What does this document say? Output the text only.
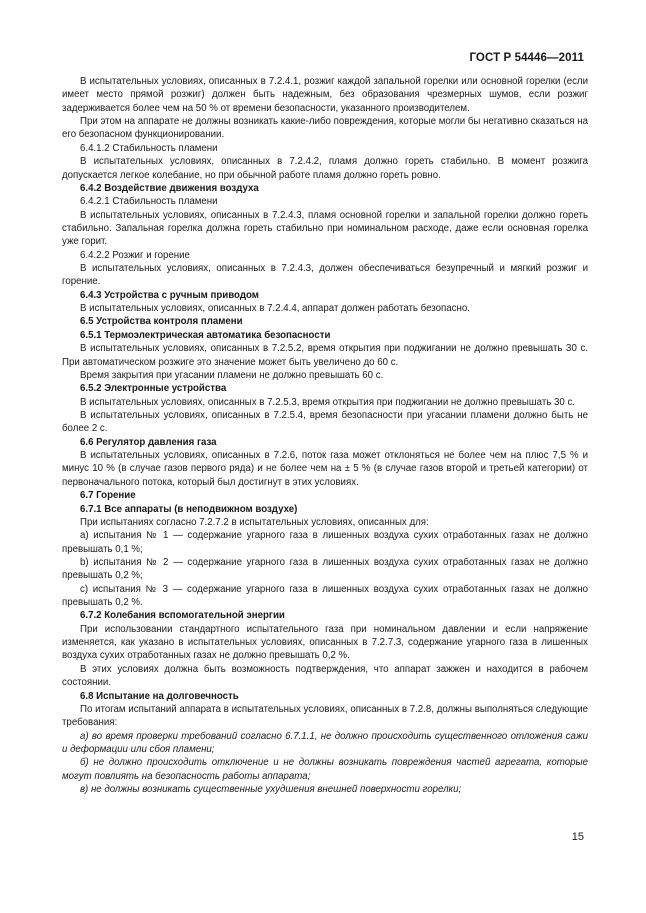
ГОСТ Р 54446—2011

В испытательных условиях, описанных в 7.2.4.1, розжиг каждой запальной горелки или основной горелки (если имеет место прямой розжиг) должен быть надежным, без образования чрезмерных шумов, если розжиг задерживается более чем на 50 % от времени безопасности, указанного производителем.

При этом на аппарате не должны возникать какие-либо повреждения, которые могли бы негативно сказаться на его безопасном функционировании.

6.4.1.2 Стабильность пламени

В испытательных условиях, описанных в 7.2.4.2, пламя должно гореть стабильно. В момент розжига допускается легкое колебание, но при обычной работе пламя должно гореть ровно.

6.4.2 Воздействие движения воздуха

6.4.2.1 Стабильность пламени

В испытательных условиях, описанных в 7.2.4.3, пламя основной горелки и запальной горелки должно гореть стабильно. Запальная горелка должна гореть стабильно при номинальном расходе, даже если основная горелка уже горит.

6.4.2.2 Розжиг и горение

В испытательных условиях, описанных в 7.2.4.3, должен обеспечиваться безупречный и мягкий розжиг и горение.

6.4.3 Устройства с ручным приводом

В испытательных условиях, описанных в 7.2.4.4, аппарат должен работать безопасно.

6.5 Устройства контроля пламени

6.5.1 Термоэлектрическая автоматика безопасности

В испытательных условиях, описанных в 7.2.5.2, время открытия при поджигании не должно превышать 30 с. При автоматическом розжиге это значение может быть увеличено до 60 с.

Время закрытия при угасании пламени не должно превышать 60 с.

6.5.2 Электронные устройства

В испытательных условиях, описанных в 7.2.5.3, время открытия при поджигании не должно превышать 30 с.

В испытательных условиях, описанных в 7.2.5.4, время безопасности при угасании пламени должно быть не более 2 с.

6.6 Регулятор давления газа

В испытательных условиях, описанных в 7.2.6, поток газа может отклоняться не более чем на плюс 7,5 % и минус 10 % (в случае газов первого ряда) и не более чем на ± 5 % (в случае газов второй и третьей категории) от первоначального потока, который был достигнут в этих условиях.

6.7 Горение

6.7.1 Все аппараты (в неподвижном воздухе)

При испытаниях согласно 7.2.7.2 в испытательных условиях, описанных для:

а) испытания № 1 — содержание угарного газа в лишенных воздуха сухих отработанных газах не должно превышать 0,1 %;

b) испытания № 2 — содержание угарного газа в лишенных воздуха сухих отработанных газах не должно превышать 0,2 %;

с) испытания № 3 — содержание угарного газа в лишенных воздуха сухих отработанных газах не должно превышать 0,2 %.

6.7.2 Колебания вспомогательной энергии

При использовании стандартного испытательного газа при номинальном давлении и если напряжение изменяется, как указано в испытательных условиях, описанных в 7.2.7.3, содержание угарного газа в лишенных воздуха сухих отработанных газах не должно превышать 0,2 %.

В этих условиях должна быть возможность подтверждения, что аппарат зажжен и находится в рабочем состоянии.

6.8 Испытание на долговечность

По итогам испытаний аппарата в испытательных условиях, описанных в 7.2.8, должны выполняться следующие требования:

а) во время проверки требований согласно 6.7.1.1, не должно происходить существенного отложения сажи и деформации или сбоя пламени;

б) не должно происходить отключение и не должны возникать повреждения частей агрегата, которые могут повлиять на безопасность работы аппарата;

в) не должны возникать существенные ухудшения внешней поверхности горелки;

15
